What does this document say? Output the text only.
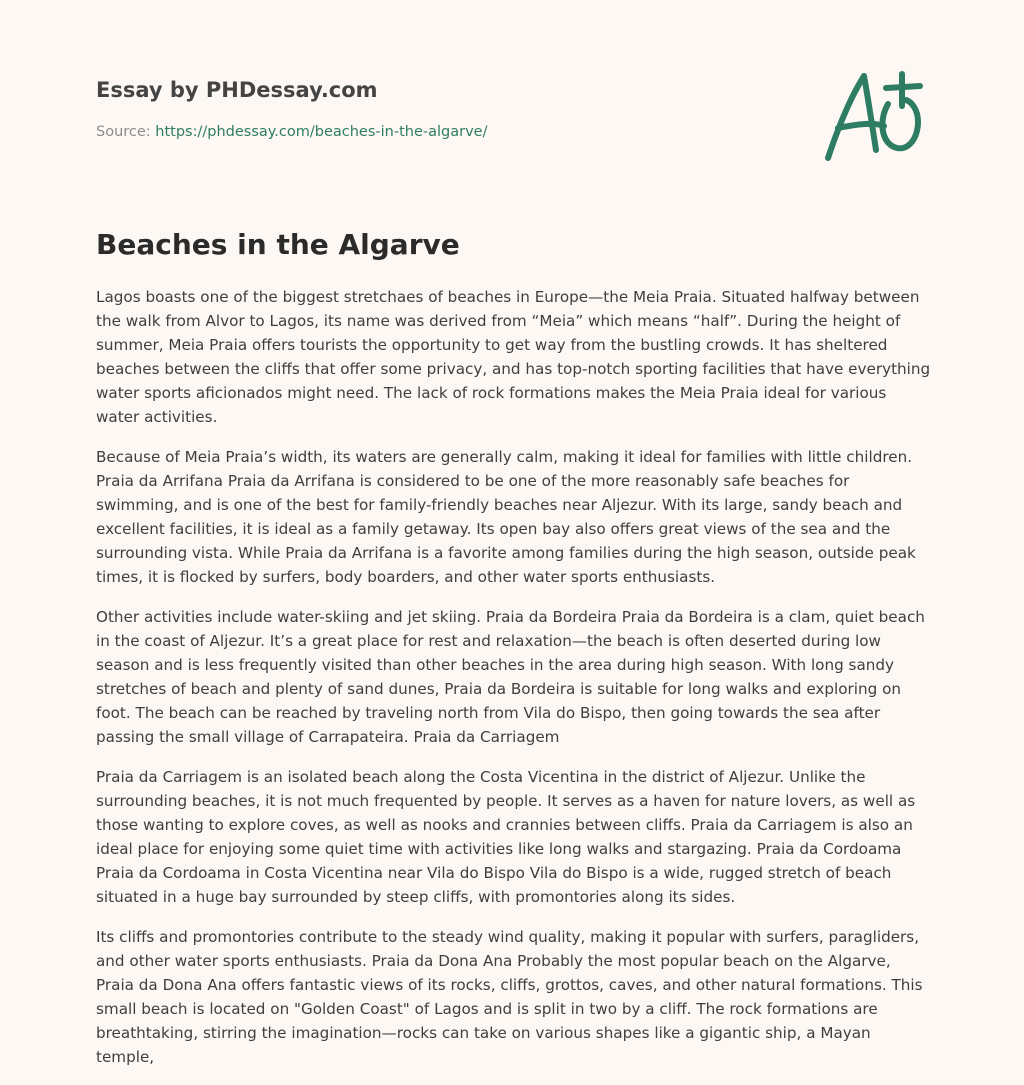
Essay by PHDessay.com
Source: https://phdessay.com/beaches-in-the-algarve/
Beaches in the Algarve

Lagos boasts one of the biggest stretchaes of beaches in Europe—the Meia Praia. Situated halfway between the walk from Alvor to Lagos, its name was derived from “Meia” which means “half”. During the height of summer, Meia Praia offers tourists the opportunity to get way from the bustling crowds. It has sheltered beaches between the cliffs that offer some privacy, and has top-notch sporting facilities that have everything water sports aficionados might need. The lack of rock formations makes the Meia Praia ideal for various water activities.

Because of Meia Praia’s width, its waters are generally calm, making it ideal for families with little children. Praia da Arrifana Praia da Arrifana is considered to be one of the more reasonably safe beaches for swimming, and is one of the best for family-friendly beaches near Aljezur. With its large, sandy beach and excellent facilities, it is ideal as a family getaway. Its open bay also offers great views of the sea and the surrounding vista. While Praia da Arrifana is a favorite among families during the high season, outside peak times, it is flocked by surfers, body boarders, and other water sports enthusiasts.

Other activities include water-skiing and jet skiing. Praia da Bordeira Praia da Bordeira is a clam, quiet beach in the coast of Aljezur. It’s a great place for rest and relaxation—the beach is often deserted during low season and is less frequently visited than other beaches in the area during high season. With long sandy stretches of beach and plenty of sand dunes, Praia da Bordeira is suitable for long walks and exploring on foot. The beach can be reached by traveling north from Vila do Bispo, then going towards the sea after passing the small village of Carrapateira. Praia da Carriagem

Praia da Carriagem is an isolated beach along the Costa Vicentina in the district of Aljezur. Unlike the surrounding beaches, it is not much frequented by people. It serves as a haven for nature lovers, as well as those wanting to explore coves, as well as nooks and crannies between cliffs. Praia da Carriagem is also an ideal place for enjoying some quiet time with activities like long walks and stargazing. Praia da Cordoama Praia da Cordoama in Costa Vicentina near Vila do Bispo Vila do Bispo is a wide, rugged stretch of beach situated in a huge bay surrounded by steep cliffs, with promontories along its sides.

Its cliffs and promontories contribute to the steady wind quality, making it popular with surfers, paragliders, and other water sports enthusiasts. Praia da Dona Ana Probably the most popular beach on the Algarve, Praia da Dona Ana offers fantastic views of its rocks, cliffs, grottos, caves, and other natural formations. This small beach is located on "Golden Coast" of Lagos and is split in two by a cliff. The rock formations are breathtaking, stirring the imagination—rocks can take on various shapes like a gigantic ship, a Mayan temple,
